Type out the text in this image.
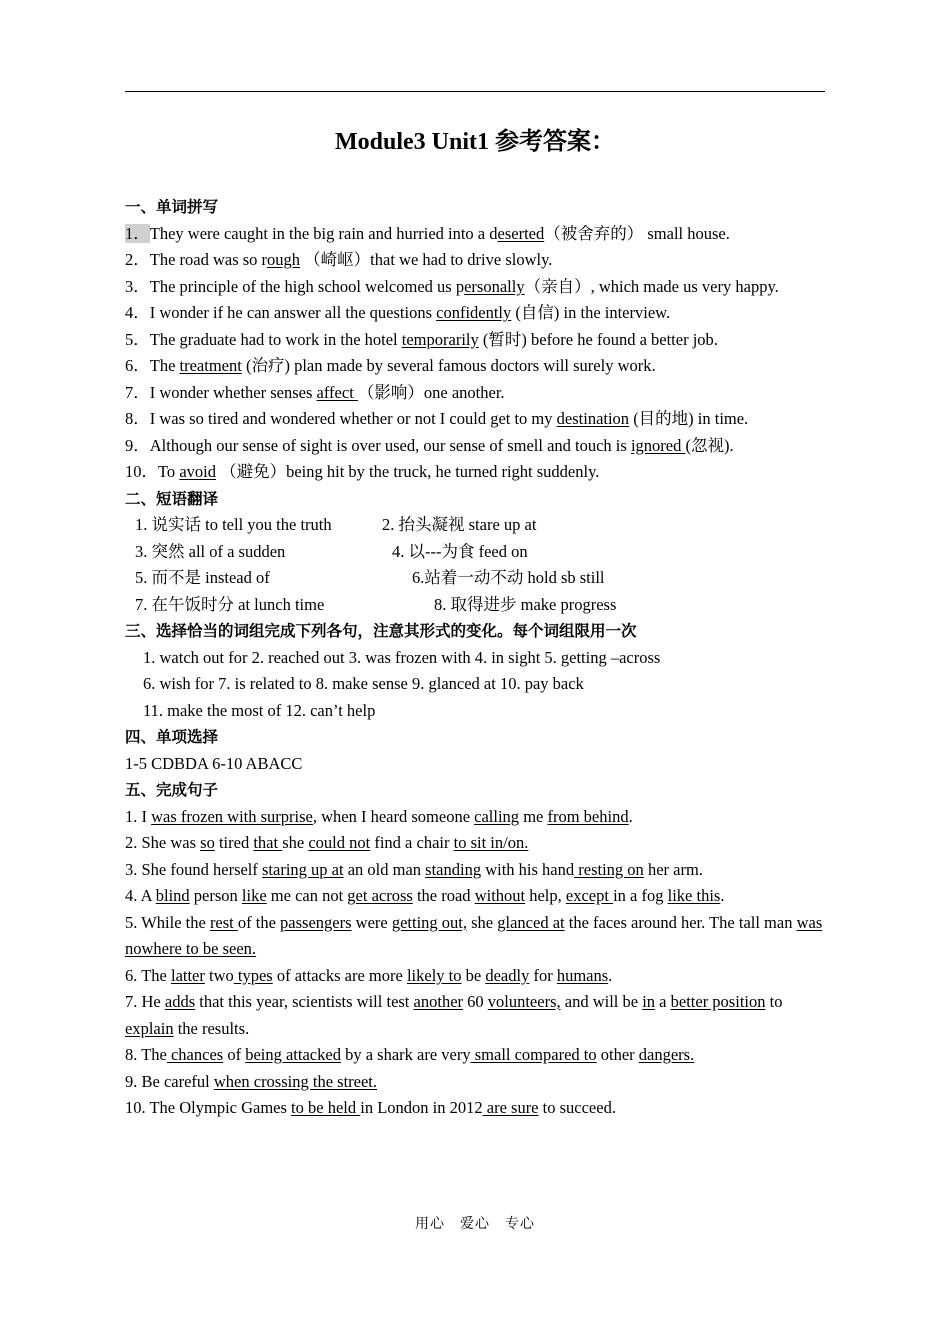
Module3 Unit1 参考答案：
一、单词拼写
1．They were caught in the big rain and hurried into a deserted（被舍弃的） small house.
2．The road was so rough （崎岖）that we had to drive slowly.
3．The principle of the high school welcomed us personally（亲自）, which made us very happy.
4．I wonder if he can answer all the questions confidently (自信) in the interview.
5．The graduate had to work in the hotel temporarily (暂时) before he found a better job.
6．The treatment (治疗) plan made by several famous doctors will surely work.
7．I wonder whether senses affect （影响）one another.
8．I was so tired and wondered whether or not I could get to my destination (目的地) in time.
9．Although our sense of sight is over used, our sense of smell and touch is ignored (忽视).
10．To avoid （避免）being hit by the truck, he turned right suddenly.
二、短语翻译
1. 说实话 to tell you the truth	2. 抬头凝视 stare up at
3. 突然 all of a sudden	4. 以---为食 feed on
5. 而不是 instead of	6.站着一动不动 hold sb still
7. 在午饭时分 at lunch time	8. 取得进步 make progress
三、选择恰当的词组完成下列各句，注意其形式的变化。每个词组限用一次
1. watch out for 2. reached out 3. was frozen with 4. in sight 5. getting –across
6. wish for 7. is related to 8. make sense 9. glanced at 10. pay back
11. make the most of 12. can’t help
四、单项选择
1-5 CDBDA 6-10 ABACC
五、完成句子
1. I was frozen with surprise, when I heard someone calling me from behind.
2. She was so tired that she could not find a chair to sit in/on.
3. She found herself staring up at an old man standing with his hand resting on her arm.
4. A blind person like me can not get across the road without help, except in a fog like this.
5. While the rest of the passengers were getting out, she glanced at the faces around her. The tall man was nowhere to be seen.
6. The latter two types of attacks are more likely to be deadly for humans.
7. He adds that this year, scientists will test another 60 volunteers, and will be in a better position to explain the results.
8. The chances of being attacked by a shark are very small compared to other dangers.
9. Be careful when crossing the street.
10. The Olympic Games to be held in London in 2012 are sure to succeed.
用心　爱心　专心
